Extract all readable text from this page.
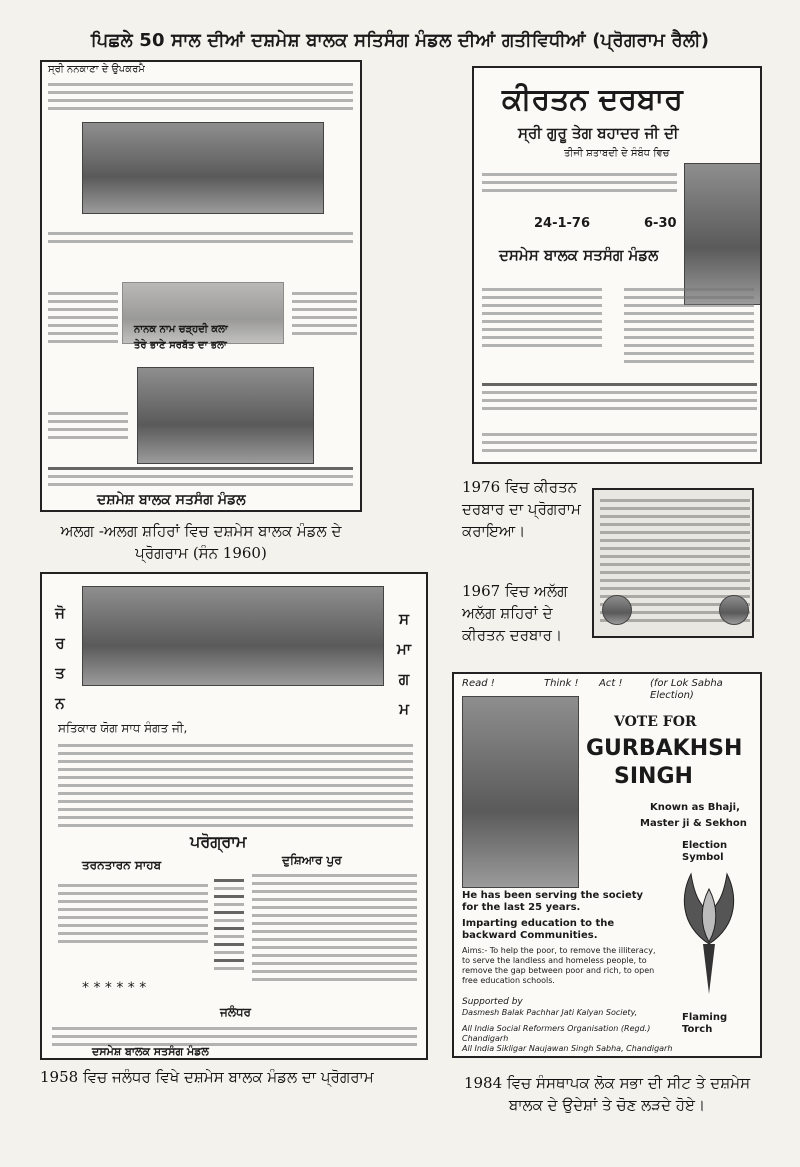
ਪਿਛਲੇ 50 ਸਾਲ ਦੀਆਂ ਦਸ਼ਮੇਸ਼ ਬਾਲਕ ਸਤਿਸੰਗ ਮੰਡਲ ਦੀਆਂ ਗਤੀਵਿਧੀਆਂ (ਪ੍ਰੋਗਰਾਮ ਰੈਲੀ)
ਸ੍ਰੀ ਨਨਕਾਣਾ ਦੇ ਉਪਕਰਮੈ
ਨਾਨਕ ਨਾਮ ਚੜ੍ਹਦੀ ਕਲਾ
ਤੇਰੇ ਭਾਣੇ ਸਰਬੱਤ ਦਾ ਭਲਾ
ਦਸ਼ਮੇਸ਼ ਬਾਲਕ ਸਤਸੰਗ ਮੰਡਲ
ਅਲਗ -ਅਲਗ ਸ਼ਹਿਰਾਂ ਵਿਚ ਦਸ਼ਮੇਸ ਬਾਲਕ ਮੰਡਲ ਦੇ ਪ੍ਰੋਗਰਾਮ (ਸੰਨ 1960)
ਕੀਰਤਨ ਦਰਬਾਰ
ਸ੍ਰੀ ਗੁਰੂ ਤੇਗ ਬਹਾਦਰ ਜੀ ਦੀ
ਤੀਜੀ ਸ਼ਤਾਬਦੀ ਦੇ ਸੰਬੰਧ ਵਿਚ
24-1-76	6-30
ਦਸਮੇਸ ਬਾਲਕ ਸਤਸੰਗ ਮੰਡਲ
1976 ਵਿਚ ਕੀਰਤਨ ਦਰਬਾਰ ਦਾ ਪ੍ਰੋਗਰਾਮ ਕਰਾਇਆ।
1967 ਵਿਚ ਅਲੱਗ ਅਲੱਗ ਸ਼ਹਿਰਾਂ ਦੇ ਕੀਰਤਨ ਦਰਬਾਰ।
ਜੋ
ਰ
ਤ
ਨ
ਸ
ਮਾ
ਗ
ਮ
ਸਤਿਕਾਰ ਯੋਗ ਸਾਧ ਸੰਗਤ ਜੀ,
ਪਰੋਗ੍ਰਾਮ
ਤਰਨਤਾਰਨ ਸਾਹਬ	ਦੁਸ਼ਿਆਰ ਪੁਰ
* * * * * *
ਜਲੰਧਰ
ਦਸਮੇਸ਼ ਬਾਲਕ ਸਤਸੰਗ ਮੰਡਲ
1958 ਵਿਚ ਜਲੰਧਰ ਵਿਖੇ ਦਸ਼ਮੇਸ ਬਾਲਕ ਮੰਡਲ ਦਾ ਪ੍ਰੋਗਰਾਮ
Read !	Think ! Act !	(for Lok Sabha Election)
VOTE FOR
GURBAKHSH
SINGH
Known as Bhaji,
Master ji & Sekhon
Election Symbol
He has been serving the society for the last 25 years.
Imparting education to the backward Communities.
Aims:- To help the poor, to remove the illiteracy, to serve the landless and homeless people, to remove the gap between poor and rich, to open free education schools.
Supported by
Dasmesh Balak Pachhar Jati Kalyan Society,
All India Social Reformers Organisation (Regd.) Chandigarh
All India Sikligar Naujawan Singh Sabha, Chandigarh
Flaming Torch
1984 ਵਿਚ ਸੰਸਥਾਪਕ ਲੋਕ ਸਭਾ ਦੀ ਸੀਟ ਤੇ ਦਸ਼ਮੇਸ ਬਾਲਕ ਦੇ ਉਦੇਸ਼ਾਂ ਤੇ ਚੋਣ ਲੜਦੇ ਹੋਏ।
